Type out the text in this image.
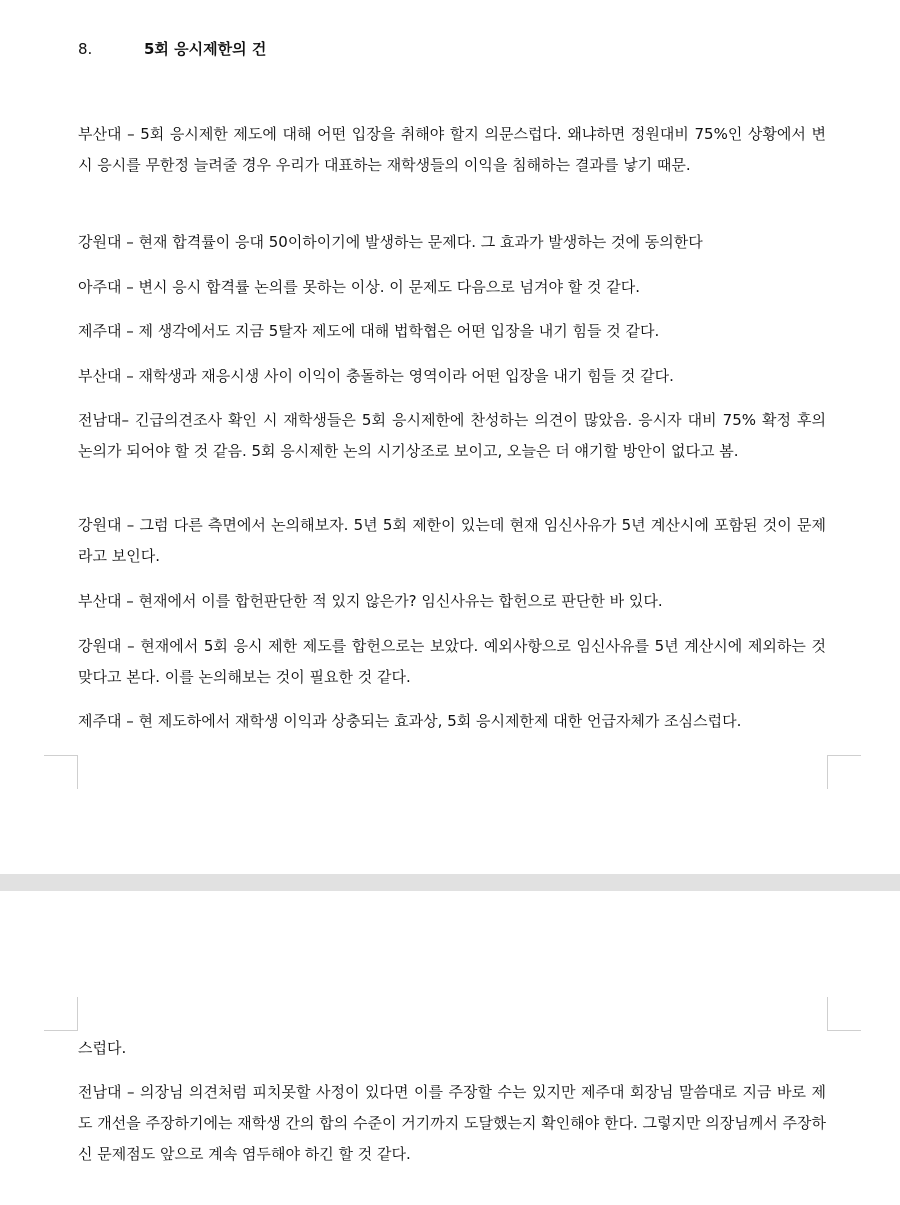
8.	5회 응시제한의 건

부산대 – 5회 응시제한 제도에 대해 어떤 입장을 취해야 할지 의문스럽다. 왜냐하면 정원대비 75%인 상황에서 변시 응시를 무한정 늘려줄 경우 우리가 대표하는 재학생들의 이익을 침해하는 결과를 낳기 때문.

강원대 – 현재 합격률이 응대 50이하이기에 발생하는 문제다. 그 효과가 발생하는 것에 동의한다

아주대 – 변시 응시 합격률 논의를 못하는 이상. 이 문제도 다음으로 넘겨야 할 것 같다.

제주대 – 제 생각에서도 지금 5탈자 제도에 대해 법학협은 어떤 입장을 내기 힘들 것 같다.

부산대 – 재학생과 재응시생 사이 이익이 충돌하는 영역이라 어떤 입장을 내기 힘들 것 같다.

전남대– 긴급의견조사 확인 시 재학생들은 5회 응시제한에 찬성하는 의견이 많았음. 응시자 대비 75% 확정 후의 논의가 되어야 할 것 같음. 5회 응시제한 논의 시기상조로 보이고, 오늘은 더 얘기할 방안이 없다고 봄.

강원대 – 그럼 다른 측면에서 논의해보자. 5년 5회 제한이 있는데 현재 임신사유가 5년 계산시에 포함된 것이 문제라고 보인다.

부산대 – 현재에서 이를 합헌판단한 적 있지 않은가? 임신사유는 합헌으로 판단한 바 있다.

강원대 – 현재에서 5회 응시 제한 제도를 합헌으로는 보았다. 예외사항으로 임신사유를 5년 계산시에 제외하는 것 맞다고 본다. 이를 논의해보는 것이 필요한 것 같다.

제주대 – 현 제도하에서 재학생 이익과 상충되는 효과상, 5회 응시제한제 대한 언급자체가 조심스럽다.

스럽다.

전남대 – 의장님 의견처럼 피치못할 사정이 있다면 이를 주장할 수는 있지만 제주대 회장님 말씀대로 지금 바로 제도 개선을 주장하기에는 재학생 간의 합의 수준이 거기까지 도달했는지 확인해야 한다. 그렇지만 의장님께서 주장하신 문제점도 앞으로 계속 염두해야 하긴 할 것 같다.
